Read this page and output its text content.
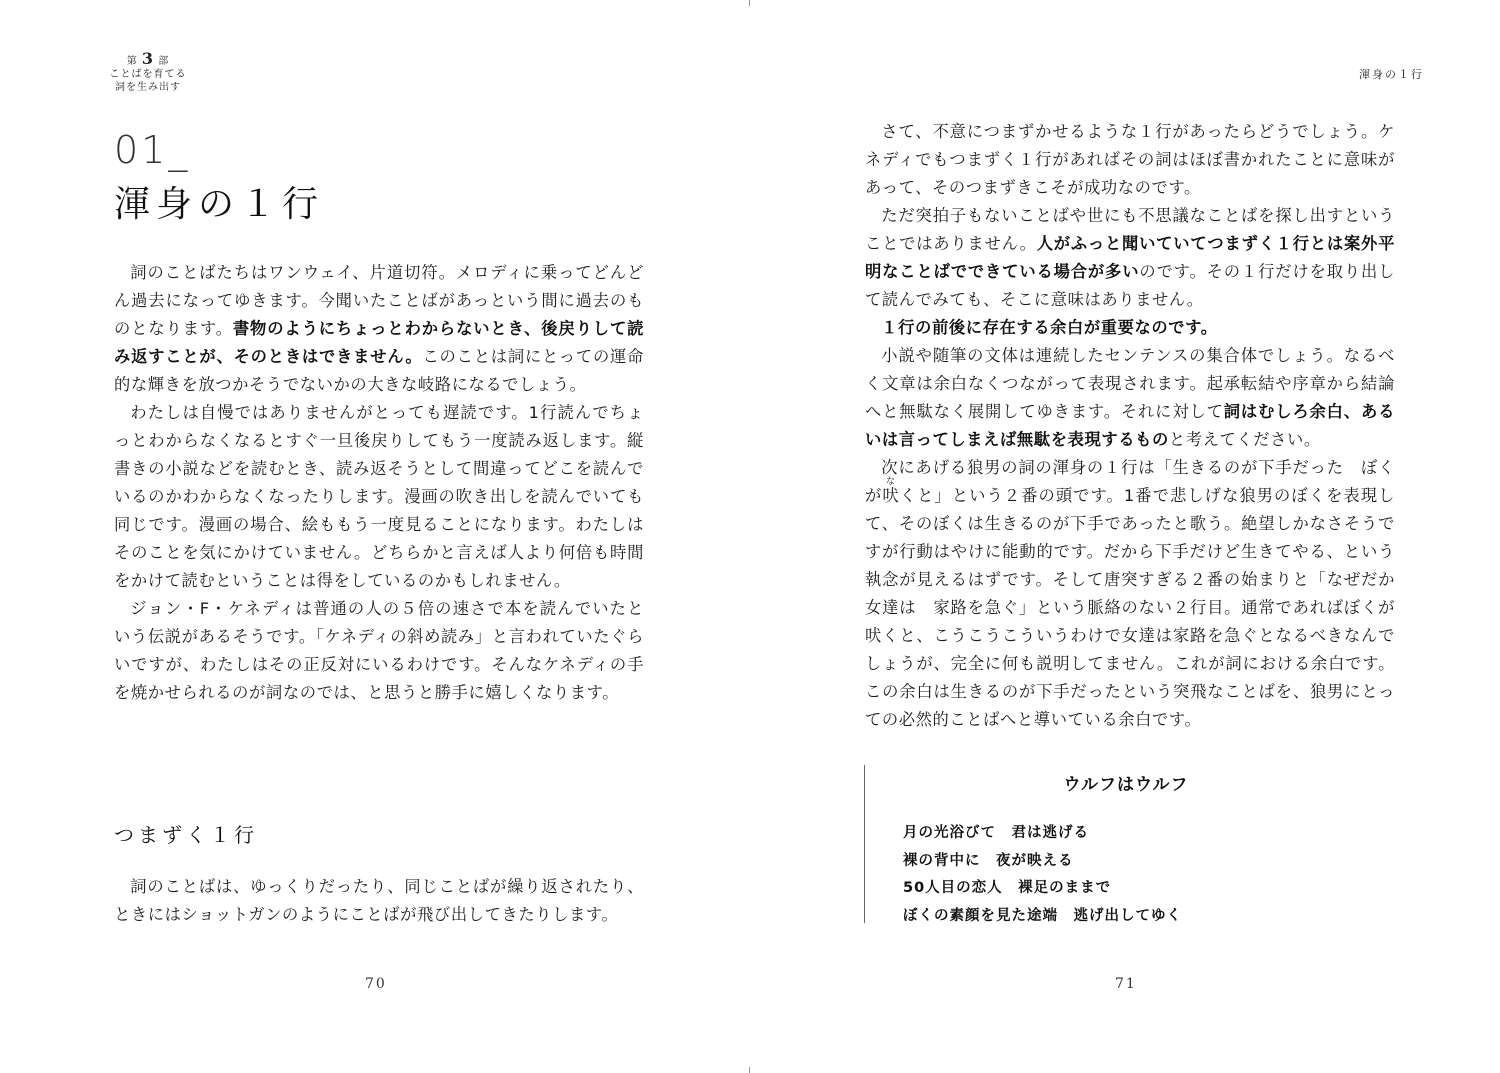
第 3 部
ことばを育てる
詞を生み出す
01_
渾身の１行

詞のことばたちはワンウェイ、片道切符。メロディに乗ってどんどん過去になってゆきます。今聞いたことばがあっという間に過去のものとなります。書物のようにちょっとわからないとき、後戻りして読み返すことが、そのときはできません。このことは詞にとっての運命的な輝きを放つかそうでないかの大きな岐路になるでしょう。

わたしは自慢ではありませんがとっても遅読です。1行読んでちょっとわからなくなるとすぐ一旦後戻りしてもう一度読み返します。縦書きの小説などを読むとき、読み返そうとして間違ってどこを読んでいるのかわからなくなったりします。漫画の吹き出しを読んでいても同じです。漫画の場合、絵ももう一度見ることになります。わたしはそのことを気にかけていません。どちらかと言えば人より何倍も時間をかけて読むということは得をしているのかもしれません。

ジョン・F・ケネディは普通の人の５倍の速さで本を読んでいたという伝説があるそうです。「ケネディの斜め読み」と言われていたぐらいですが、わたしはその正反対にいるわけです。そんなケネディの手を焼かせられるのが詞なのでは、と思うと勝手に嬉しくなります。

つまずく１行

詞のことばは、ゆっくりだったり、同じことばが繰り返されたり、ときにはショットガンのようにことばが飛び出してきたりします。

70
渾身の１行
71

さて、不意につまずかせるような１行があったらどうでしょう。ケネディでもつまずく１行があればその詞はほぼ書かれたことに意味があって、そのつまずきこそが成功なのです。

ただ突拍子もないことばや世にも不思議なことばを探し出すということではありません。人がふっと聞いていてつまずく１行とは案外平明なことばでできている場合が多いのです。その１行だけを取り出して読んでみても、そこに意味はありません。

１行の前後に存在する余白が重要なのです。

小説や随筆の文体は連続したセンテンスの集合体でしょう。なるべく文章は余白なくつながって表現されます。起承転結や序章から結論へと無駄なく展開してゆきます。それに対して詞はむしろ余白、あるいは言ってしまえば無駄を表現するものと考えてください。

次にあげる狼男の詞の渾身の１行は「生きるのが下手だった　ぼくが吠なくと」という２番の頭です。1番で悲しげな狼男のぼくを表現して、そのぼくは生きるのが下手であったと歌う。絶望しかなさそうですが行動はやけに能動的です。だから下手だけど生きてやる、という執念が見えるはずです。そして唐突すぎる２番の始まりと「なぜだか女達は　家路を急ぐ」という脈絡のない２行目。通常であればぼくが吠くと、こうこうこういうわけで女達は家路を急ぐとなるべきなんでしょうが、完全に何も説明してません。これが詞における余白です。この余白は生きるのが下手だったという突飛なことばを、狼男にとっての必然的ことばへと導いている余白です。

ウルフはウルフ
月の光浴びて　君は逃げる
裸の背中に　夜が映える
50人目の恋人　裸足のままで
ぼくの素顔を見た途端　逃げ出してゆく
